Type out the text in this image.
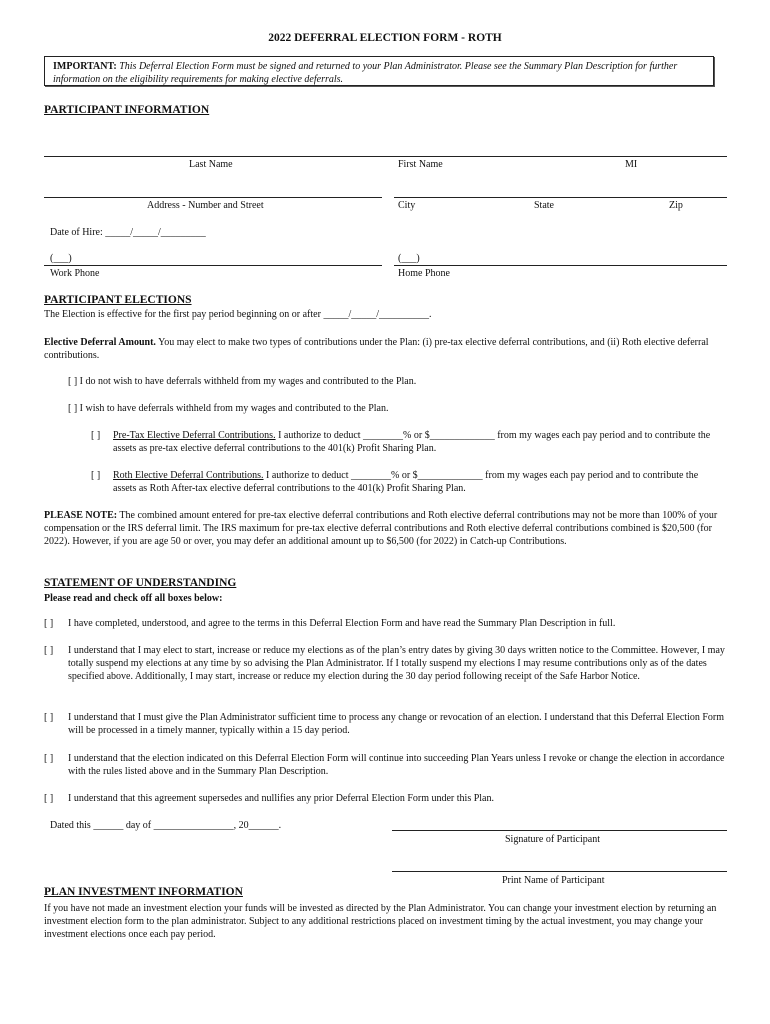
2022 DEFERRAL ELECTION FORM - ROTH
IMPORTANT: This Deferral Election Form must be signed and returned to your Plan Administrator. Please see the Summary Plan Description for further information on the eligibility requirements for making elective deferrals.
PARTICIPANT INFORMATION
Last Name	First Name	MI
Address - Number and Street	City	State	Zip
Date of Hire: _____/_____/_________
(___)
Work Phone
(___)
Home Phone
PARTICIPANT ELECTIONS
The Election is effective for the first pay period beginning on or after _____/_____/__________.
Elective Deferral Amount. You may elect to make two types of contributions under the Plan: (i) pre-tax elective deferral contributions, and (ii) Roth elective deferral contributions.
[ ] I do not wish to have deferrals withheld from my wages and contributed to the Plan.
[ ] I wish to have deferrals withheld from my wages and contributed to the Plan.
[ ] Pre-Tax Elective Deferral Contributions. I authorize to deduct ________% or $_____________ from my wages each pay period and to contribute the assets as pre-tax elective deferral contributions to the 401(k) Profit Sharing Plan.
[ ] Roth Elective Deferral Contributions. I authorize to deduct ________% or $_____________ from my wages each pay period and to contribute the assets as Roth After-tax elective deferral contributions to the 401(k) Profit Sharing Plan.
PLEASE NOTE: The combined amount entered for pre-tax elective deferral contributions and Roth elective deferral contributions may not be more than 100% of your compensation or the IRS deferral limit. The IRS maximum for pre-tax elective deferral contributions and Roth elective deferral contributions combined is $20,500 (for 2022). However, if you are age 50 or over, you may defer an additional amount up to $6,500 (for 2022) in Catch-up Contributions.
STATEMENT OF UNDERSTANDING
Please read and check off all boxes below:
[ ] I have completed, understood, and agree to the terms in this Deferral Election Form and have read the Summary Plan Description in full.
[ ] I understand that I may elect to start, increase or reduce my elections as of the plan’s entry dates by giving 30 days written notice to the Committee. However, I may totally suspend my elections at any time by so advising the Plan Administrator. If I totally suspend my elections I may resume contributions only as of the dates specified above. Additionally, I may start, increase or reduce my election during the 30 day period following receipt of the Safe Harbor Notice.
[ ] I understand that I must give the Plan Administrator sufficient time to process any change or revocation of an election. I understand that this Deferral Election Form will be processed in a timely manner, typically within a 15 day period.
[ ] I understand that the election indicated on this Deferral Election Form will continue into succeeding Plan Years unless I revoke or change the election in accordance with the rules listed above and in the Summary Plan Description.
[ ] I understand that this agreement supersedes and nullifies any prior Deferral Election Form under this Plan.
Dated this ______ day of ________________, 20______.
Signature of Participant
Print Name of Participant
PLAN INVESTMENT INFORMATION
If you have not made an investment election your funds will be invested as directed by the Plan Administrator. You can change your investment election by returning an investment election form to the plan administrator. Subject to any additional restrictions placed on investment timing by the actual investment, you may change your investment elections once each pay period.
